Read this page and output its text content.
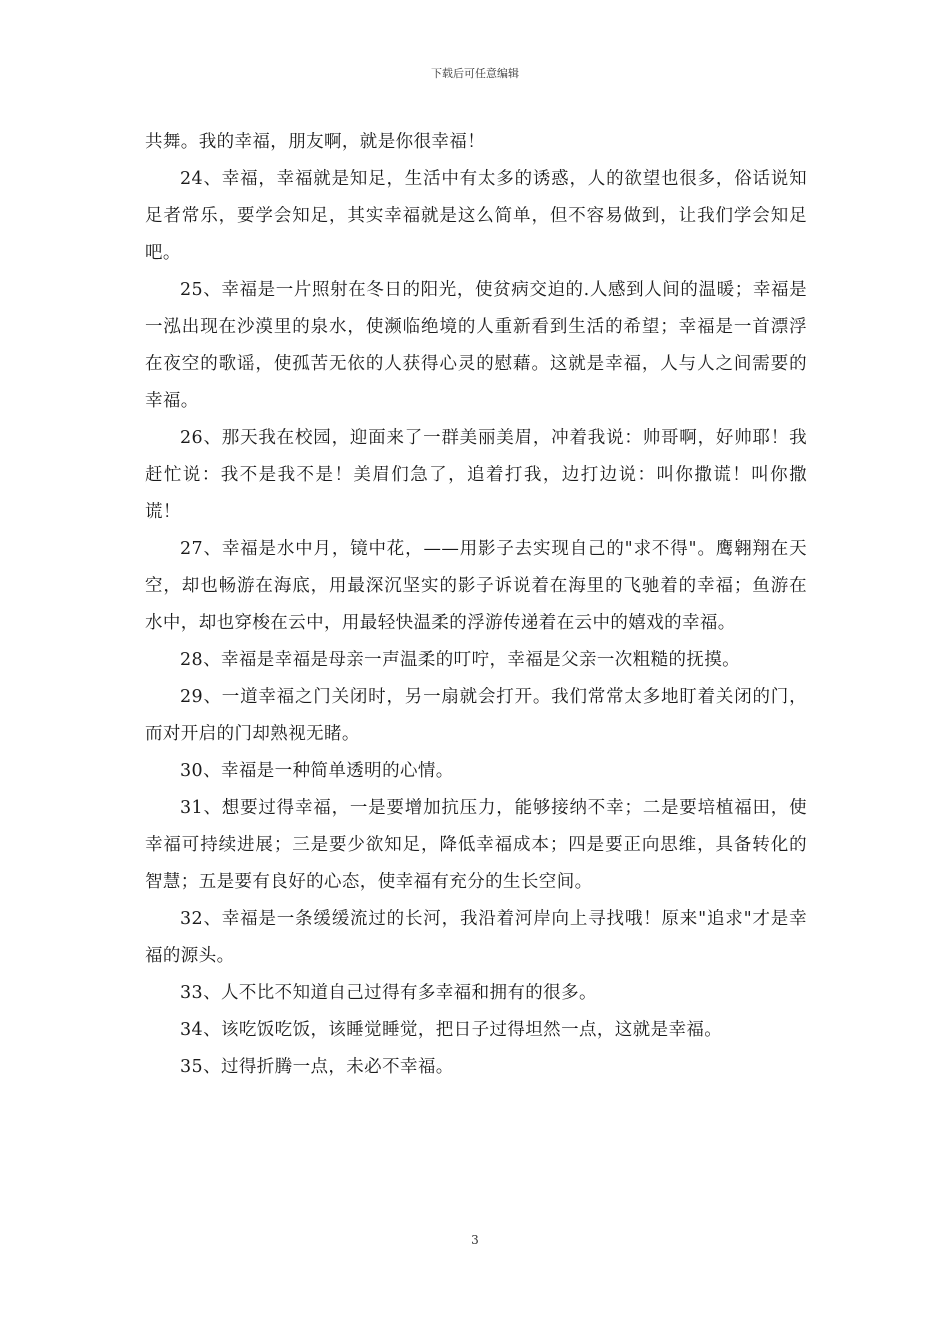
下载后可任意编辑

共舞。我的幸福，朋友啊，就是你很幸福！

24、幸福，幸福就是知足，生活中有太多的诱惑，人的欲望也很多，俗话说知足者常乐，要学会知足，其实幸福就是这么简单，但不容易做到，让我们学会知足吧。

25、幸福是一片照射在冬日的阳光，使贫病交迫的.人感到人间的温暖；幸福是一泓出现在沙漠里的泉水，使濒临绝境的人重新看到生活的希望；幸福是一首漂浮在夜空的歌谣，使孤苦无依的人获得心灵的慰藉。这就是幸福，人与人之间需要的幸福。

26、那天我在校园，迎面来了一群美丽美眉，冲着我说：帅哥啊，好帅耶！我赶忙说：我不是我不是！美眉们急了，追着打我，边打边说：叫你撒谎！叫你撒谎！

27、幸福是水中月，镜中花，——用影子去实现自己的"求不得"。鹰翱翔在天空，却也畅游在海底，用最深沉坚实的影子诉说着在海里的飞驰着的幸福；鱼游在水中，却也穿梭在云中，用最轻快温柔的浮游传递着在云中的嬉戏的幸福。

28、幸福是幸福是母亲一声温柔的叮咛，幸福是父亲一次粗糙的抚摸。

29、一道幸福之门关闭时，另一扇就会打开。我们常常太多地盯着关闭的门，而对开启的门却熟视无睹。

30、幸福是一种简单透明的心情。

31、想要过得幸福，一是要增加抗压力，能够接纳不幸；二是要培植福田，使幸福可持续进展；三是要少欲知足，降低幸福成本；四是要正向思维，具备转化的智慧；五是要有良好的心态，使幸福有充分的生长空间。

32、幸福是一条缓缓流过的长河，我沿着河岸向上寻找哦！原来"追求"才是幸福的源头。

33、人不比不知道自己过得有多幸福和拥有的很多。

34、该吃饭吃饭，该睡觉睡觉，把日子过得坦然一点，这就是幸福。

35、过得折腾一点，未必不幸福。

3
